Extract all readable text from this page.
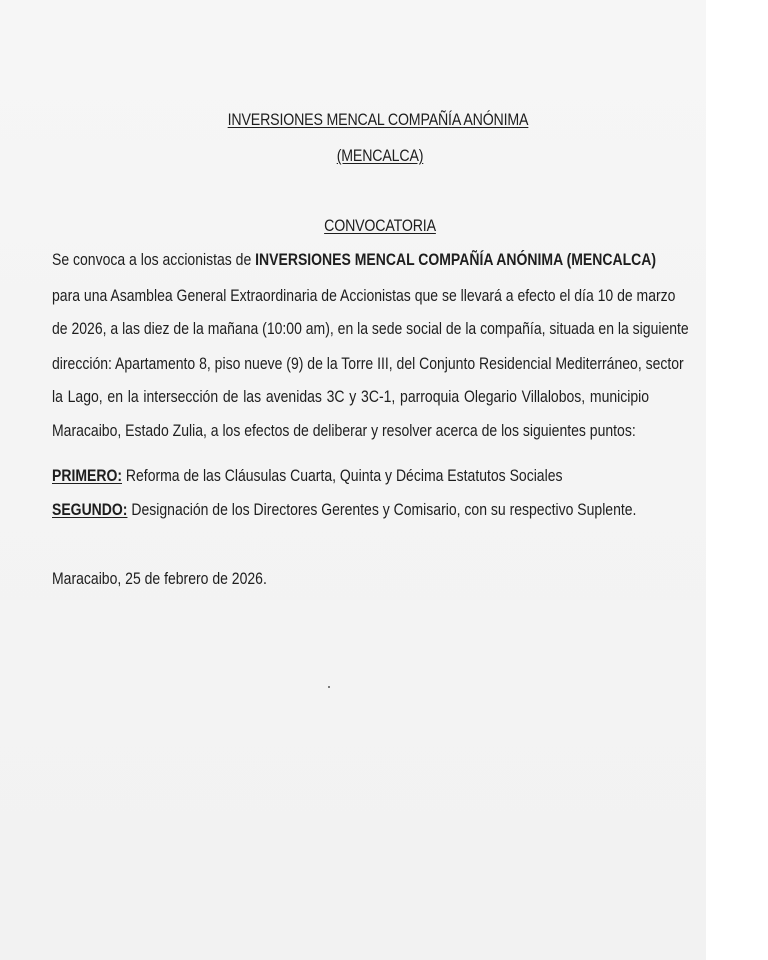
INVERSIONES MENCAL COMPAÑÍA ANÓNIMA
(MENCALCA)
CONVOCATORIA
Se convoca a los accionistas de INVERSIONES MENCAL COMPAÑÍA ANÓNIMA (MENCALCA)
para una Asamblea General Extraordinaria de Accionistas que se llevará a efecto el día 10 de marzo
de 2026, a las diez de la mañana (10:00 am), en la sede social de la compañía, situada en la siguiente
dirección: Apartamento 8, piso nueve (9) de la Torre III, del Conjunto Residencial Mediterráneo, sector
la Lago, en la intersección de las avenidas 3C y 3C-1, parroquia Olegario Villalobos, municipio
Maracaibo, Estado Zulia, a los efectos de deliberar y resolver acerca de los siguientes puntos:
PRIMERO: Reforma de las Cláusulas Cuarta, Quinta y Décima Estatutos Sociales
SEGUNDO: Designación de los Directores Gerentes y Comisario, con su respectivo Suplente.
Maracaibo, 25 de febrero de 2026.
